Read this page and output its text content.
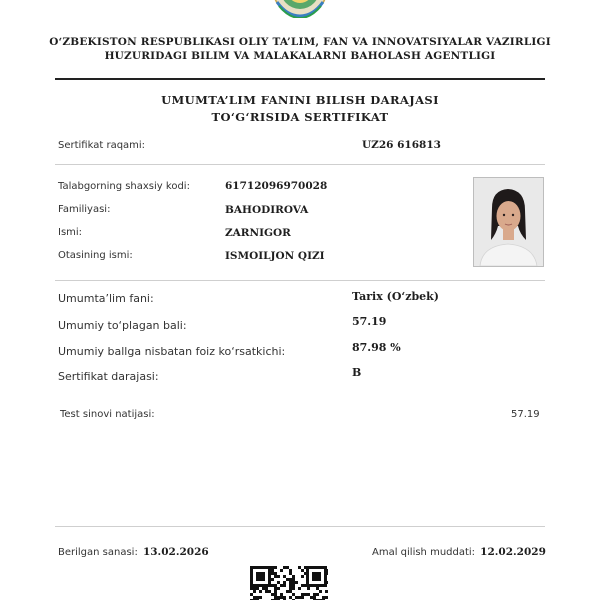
O‘ZBEKISTON RESPUBLIKASI OLIY TA’LIM, FAN VA INNOVATSIYALAR VAZIRLIGI
HUZURIDAGI BILIM VA MALAKALARNI BAHOLASH AGENTLIGI
UMUMTA’LIM FANINI BILISH DARAJASI
TO‘G‘RISIDA SERTIFIKAT
Sertifikat raqami:	UZ26 616813
Talabgorning shaxsiy kodi:	61712096970028
Familiyasi:	BAHODIROVA
Ismi:	ZARNIGOR
Otasining ismi:	ISMOILJON QIZI
Umumta’lim fani:	Tarix (O‘zbek)
Umumiy to‘plagan bali:	57.19
Umumiy ballga nisbatan foiz ko‘rsatkichi:	87.98 %
Sertifikat darajasi:	B
Test sinovi natijasi:	57.19
Berilgan sanasi: 13.02.2026	Amal qilish muddati: 12.02.2029
